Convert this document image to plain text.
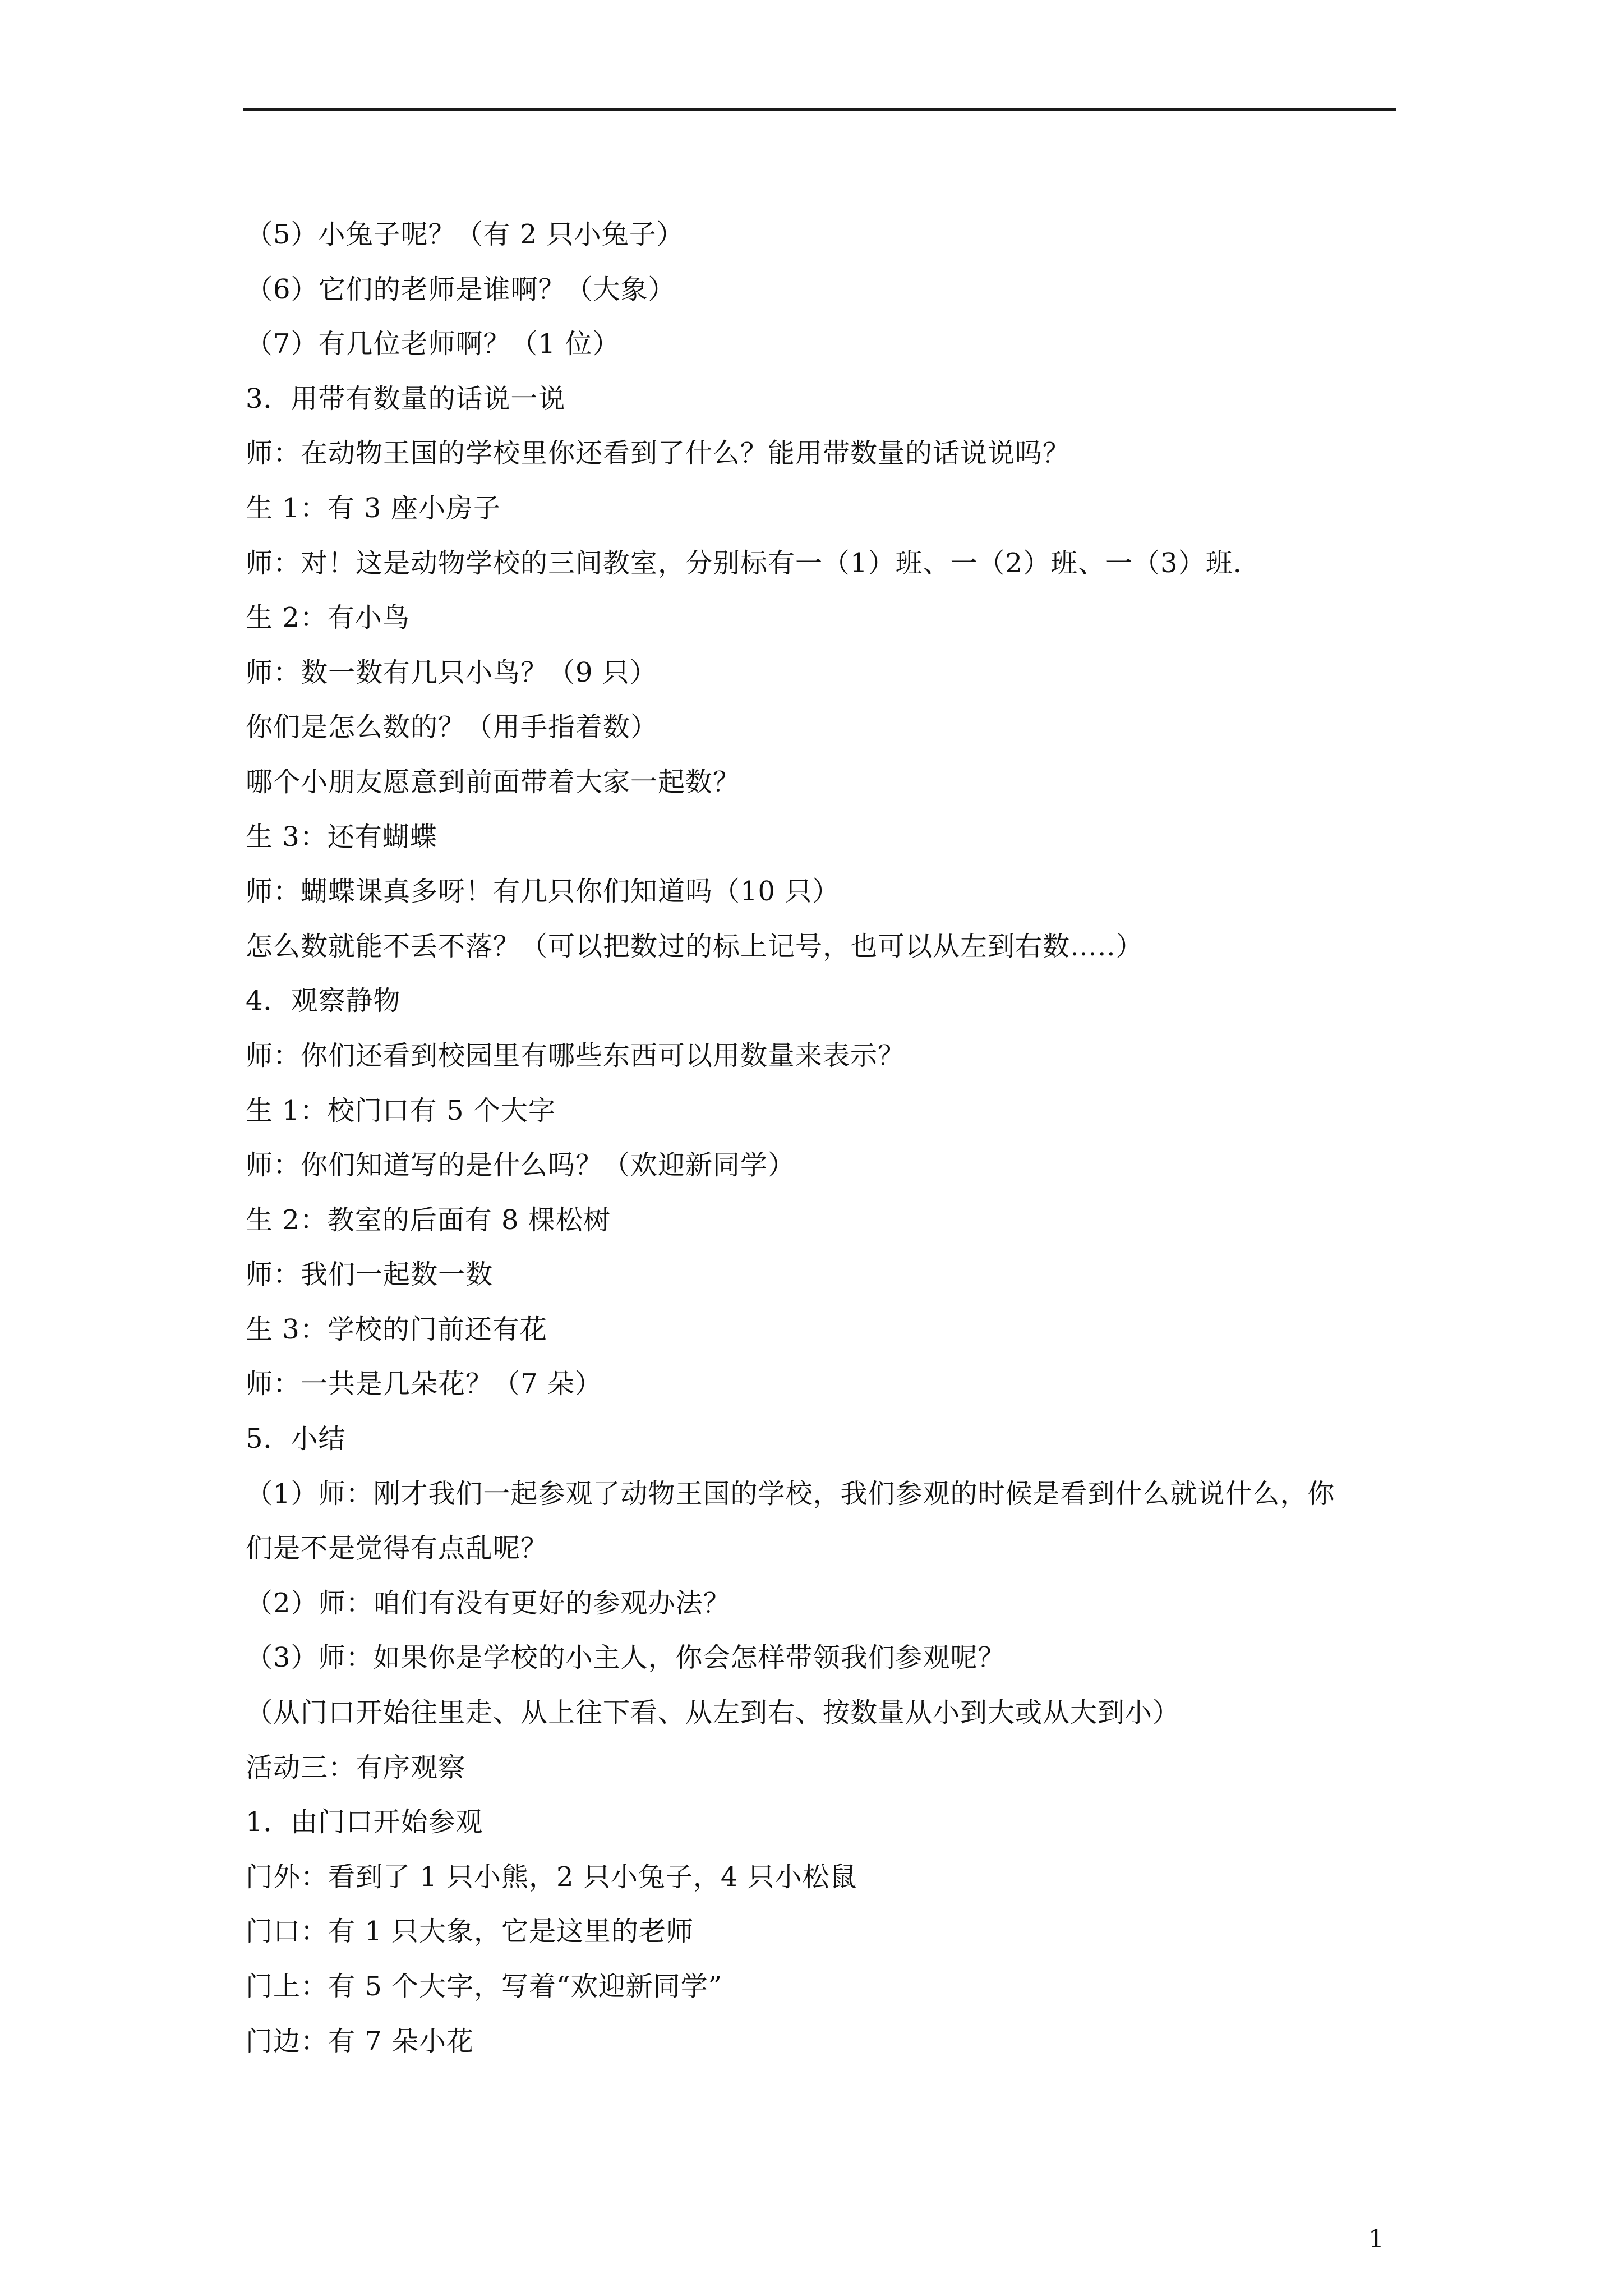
（5）小兔子呢？（有 2 只小兔子）
（6）它们的老师是谁啊？（大象）
（7）有几位老师啊？（1 位）
3．用带有数量的话说一说
师：在动物王国的学校里你还看到了什么？能用带数量的话说说吗？
生 1：有 3 座小房子
师：对！这是动物学校的三间教室，分别标有一（1）班、一（2）班、一（3）班.
生 2：有小鸟
师：数一数有几只小鸟？（9 只）
你们是怎么数的？（用手指着数）
哪个小朋友愿意到前面带着大家一起数？
生 3：还有蝴蝶
师：蝴蝶课真多呀！有几只你们知道吗（10 只）
怎么数就能不丢不落？（可以把数过的标上记号，也可以从左到右数…..）
4．观察静物
师：你们还看到校园里有哪些东西可以用数量来表示？
生 1：校门口有 5 个大字
师：你们知道写的是什么吗？（欢迎新同学）
生 2：教室的后面有 8 棵松树
师：我们一起数一数
生 3：学校的门前还有花
师：一共是几朵花？（7 朵）
5．小结
（1）师：刚才我们一起参观了动物王国的学校，我们参观的时候是看到什么就说什么，你
们是不是觉得有点乱呢？
（2）师：咱们有没有更好的参观办法？
（3）师：如果你是学校的小主人，你会怎样带领我们参观呢？
（从门口开始往里走、从上往下看、从左到右、按数量从小到大或从大到小）
活动三：有序观察
1．由门口开始参观
门外：看到了 1 只小熊，2 只小兔子，4 只小松鼠
门口：有 1 只大象，它是这里的老师
门上：有 5 个大字，写着“欢迎新同学”
门边：有 7 朵小花
1
